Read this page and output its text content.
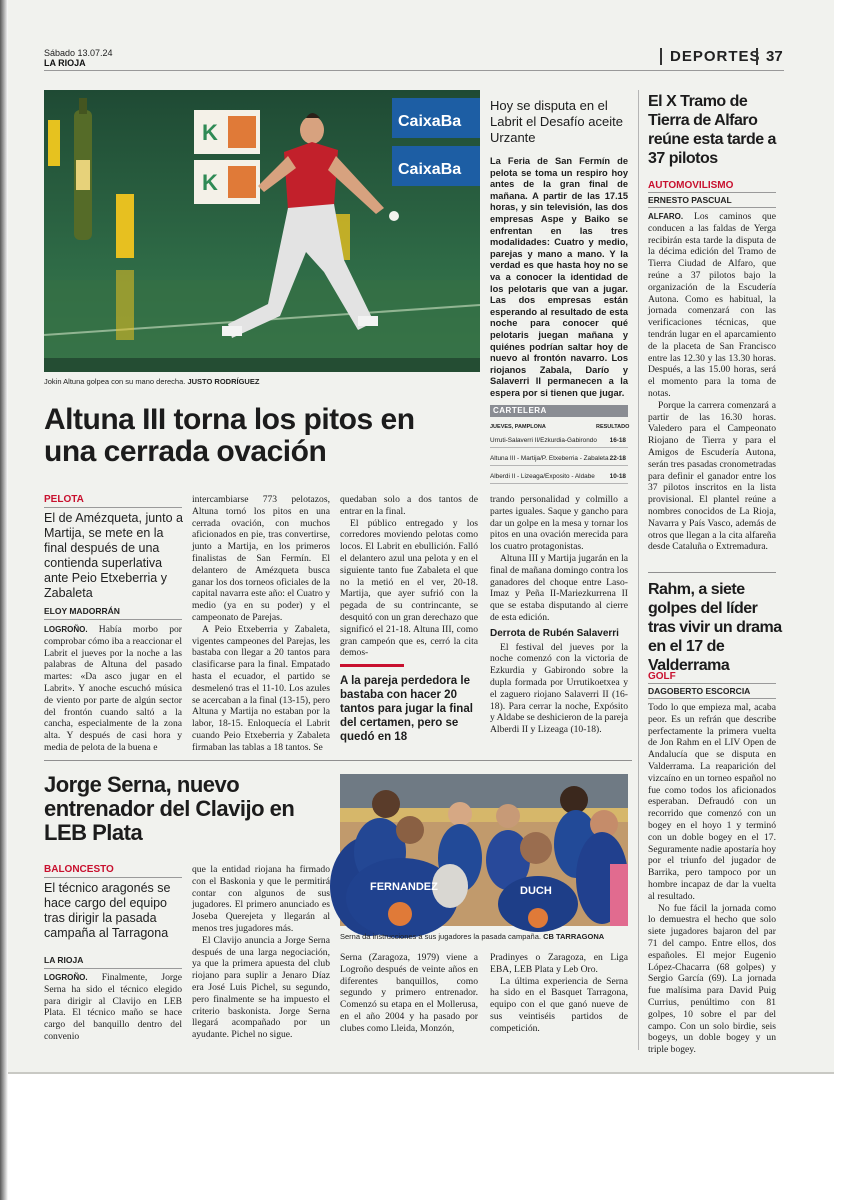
Sábado 13.07.24
LA RIOJA	DEPORTES 37
K
K
CaixaBa
CaixaBa
Jokin Altuna golpea con su mano derecha. JUSTO RODRÍGUEZ
Altuna III torna los pitos en una cerrada ovación
PELOTA
El de Amézqueta, junto a Martija, se mete en la final después de una contienda superlativa ante Peio Etxeberria y Zabaleta
ELOY MADORRÁN

LOGROÑO. Había morbo por comprobar cómo iba a reaccionar el Labrit el jueves por la noche a las palabras de Altuna del pasado martes: «Da asco jugar en el Labrit». Y anoche escuchó música de viento por parte de algún sector del frontón cuando saltó a la cancha, especialmente de la zona alta. Y después de casi hora y media de pelota de la buena e

intercambiarse 773 pelotazos, Altuna tornó los pitos en una cerrada ovación, con muchos aficionados en pie, tras convertirse, junto a Martija, en los primeros finalistas de San Fermín. El delantero de Amézqueta busca ganar los dos torneos oficiales de la capital navarra este año: el Cuatro y medio (ya en su poder) y el campeonato de Parejas.

A Peio Etxeberria y Zabaleta, vigentes campeones del Parejas, les bastaba con llegar a 20 tantos para clasificarse para la final. Empatado hasta el ecuador, el partido se desmelenó tras el 11-10. Los azules se acercaban a la final (13-15), pero Altuna y Martija no estaban por la labor, 18-15. Enloquecía el Labrit cuando Peio Etxeberria y Zabaleta firmaban las tablas a 18 tantos. Se

quedaban solo a dos tantos de entrar en la final.

El público entregado y los corredores moviendo pelotas como locos. El Labrit en ebullición. Falló el delantero azul una pelota y en el siguiente tanto fue Zabaleta el que no la metió en el ver, 20-18. Martija, que ayer sufrió con la pegada de su contrincante, se desquitó con un gran derechazo que significó el 21-18. Altuna III, como gran campeón que es, cerró la cita demos-

A la pareja perdedora le bastaba con hacer 20 tantos para jugar la final del certamen, pero se quedó en 18

trando personalidad y colmillo a partes iguales. Saque y gancho para dar un golpe en la mesa y tornar los pitos en una ovación merecida para los cuatro protagonistas.

Altuna III y Martija jugarán en la final de mañana domingo contra los ganadores del choque entre Laso-Imaz y Peña II-Mariezkurrena II que se estaba disputando al cierre de esta edición.

Derrota de Rubén Salaverri

El festival del jueves por la noche comenzó con la victoria de Ezkurdia y Gabirondo sobre la dupla formada por Urrutikoetxea y el zaguero riojano Salaverri II (16-18). Para cerrar la noche, Expósito y Aldabe se deshicieron de la pareja Alberdi II y Lizeaga (10-18).

Hoy se disputa en el Labrit el Desafío aceite Urzante
La Feria de San Fermín de pelota se toma un respiro hoy antes de la gran final de mañana. A partir de las 17.15 horas, y sin televisión, las dos empresas Aspe y Baiko se enfrentan en las tres modalidades: Cuatro y medio, parejas y mano a mano. Y la verdad es que hasta hoy no se va a conocer la identidad de los pelotaris que van a jugar. Las dos empresas están esperando al resultado de esta noche para conocer qué pelotaris juegan mañana y quiénes podrían saltar hoy de nuevo al frontón navarro. Los riojanos Zabala, Darío y Salaverri II permanecen a la espera por si tienen que jugar.
CARTELERA
JUEVES, PAMPLONA	RESULTADO
Urruti-Salaverri II/Ezkurdia-Gabirondo 16-18
Altuna III - Martija/P. Etxeberria - Zabaleta 22-18
Alberdi II - Lizeaga/Exposito - Aldabe 10-18
El X Tramo de Tierra de Alfaro reúne esta tarde a 37 pilotos
AUTOMOVILISMO
ERNESTO PASCUAL

ALFARO. Los caminos que conducen a las faldas de Yerga recibirán esta tarde la disputa de la décima edición del Tramo de Tierra Ciudad de Alfaro, que reúne a 37 pilotos bajo la organización de la Escudería Autona. Como es habitual, la jornada comenzará con las verificaciones técnicas, que tendrán lugar en el aparcamiento de la placeta de San Francisco entre las 12.30 y las 13.30 horas. Después, a las 15.00 horas, será el momento para la toma de notas.

Porque la carrera comenzará a partir de las 16.30 horas. Valedero para el Campeonato Riojano de Tierra y para el Amigos de Escudería Autona, serán tres pasadas cronometradas para definir el ganador entre los 37 pilotos inscritos en la lista provisional. El plantel reúne a nombres conocidos de La Rioja, Navarra y País Vasco, además de otros que llegan a la cita alfareña desde Cataluña o Extremadura.

Rahm, a siete golpes del líder tras vivir un drama en el 17 de Valderrama
GOLF
DAGOBERTO ESCORCIA

Todo lo que empieza mal, acaba peor. Es un refrán que describe perfectamente la primera vuelta de Jon Rahm en el LIV Open de Andalucía que se disputa en Valderrama. La reaparición del vizcaíno en un torneo español no fue como todos los aficionados esperaban. Defraudó con un recorrido que comenzó con un bogey en el hoyo 1 y terminó con un doble bogey en el 17. Seguramente nadie apostaría hoy por el triunfo del jugador de Barrika, pero tampoco por un hombre incapaz de dar la vuelta al resultado.

No fue fácil la jornada como lo demuestra el hecho que solo siete jugadores bajaron del par 71 del campo. Entre ellos, dos españoles. El mejor Eugenio López-Chacarra (68 golpes) y Sergio García (69). La jornada fue malísima para David Puig Currius, penúltimo con 81 golpes, 10 sobre el par del campo. Con un solo birdie, seis bogeys, un doble bogey y un triple bogey.

Jorge Serna, nuevo entrenador del Clavijo en LEB Plata
BALONCESTO
El técnico aragonés se hace cargo del equipo tras dirigir la pasada campaña al Tarragona
LA RIOJA

LOGROÑO. Finalmente, Jorge Serna ha sido el técnico elegido para dirigir al Clavijo en LEB Plata. El técnico maño se hace cargo del banquillo dentro del convenio

que la entidad riojana ha firmado con el Baskonia y que le permitirá contar con algunos de sus jugadores. El primero anunciado es Joseba Querejeta y llegarán al menos tres jugadores más.

El Clavijo anuncia a Jorge Serna después de una larga negociación, ya que la primera apuesta del club riojano para suplir a Jenaro Díaz era José Luis Pichel, su segundo, pero finalmente se ha impuesto el criterio baskonista. Jorge Serna llegará acompañado por un ayudante. Pichel no sigue.

FERNANDEZ	DUCH
Serna da instrucciones a sus jugadores la pasada campaña. CB TARRAGONA

Serna (Zaragoza, 1979) viene a Logroño después de veinte años en diferentes banquillos, como segundo y primero entrenador. Comenzó su etapa en el Mollerusa, en el año 2004 y ha pasado por clubes como Lleida, Monzón,

Pradinyes o Zaragoza, en Liga EBA, LEB Plata y Leb Oro.

La última experiencia de Serna ha sido en el Basquet Tarragona, equipo con el que ganó nueve de sus veintiséis partidos de competición.
